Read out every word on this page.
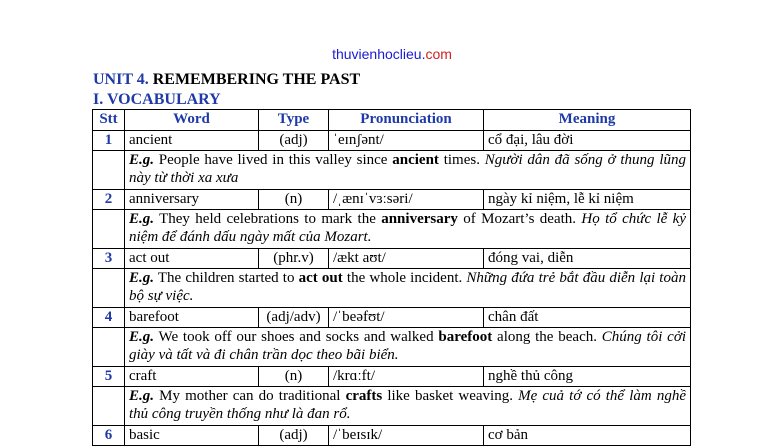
thuvienhoclieu.com
UNIT 4. REMEMBERING THE PAST
I. VOCABULARY
Stt	Word	Type	Pronunciation	Meaning
1	ancient	(adj)	ˈeɪnʃənt/	cổ đại, lâu đời
	E.g. People have lived in this valley since ancient times. Người dân đã sống ở thung lũng này từ thời xa xưa			
2	anniversary	(n)	/ˌænɪˈvɜːsəri/	ngày kỉ niệm, lễ kỉ niệm
	E.g. They held celebrations to mark the anniversary of Mozart’s death. Họ tổ chức lễ kỷ niệm để đánh dấu ngày mất của Mozart.			
3	act out	(phr.v)	/ækt aʊt/	đóng vai, diễn
	E.g. The children started to act out the whole incident. Những đứa trẻ bắt đầu diễn lại toàn bộ sự việc.			
4	barefoot	(adj/adv)	/ˈbeəfʊt/	chân đất
	E.g. We took off our shoes and socks and walked barefoot along the beach. Chúng tôi cởi giày và tất và đi chân trần dọc theo bãi biển.			
5	craft	(n)	/krɑːft/	nghề thủ công
	E.g. My mother can do traditional crafts like basket weaving. Mẹ cuả tớ có thể làm nghề thủ công truyền thống như là đan rổ.			
6	basic	(adj)	/ˈbeɪsɪk/	cơ bản
